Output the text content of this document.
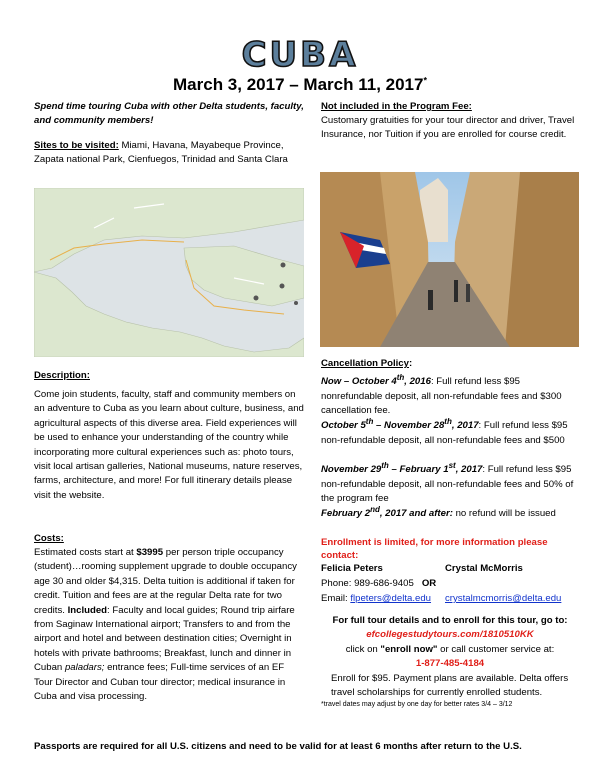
CUBA
March 3, 2017 – March 11, 2017*

Spend time touring Cuba with other Delta students, faculty, and community members!

Sites to be visited: Miami, Havana, Mayabeque Province, Zapata national Park, Cienfuegos, Trinidad and Santa Clara

Description:

Come join students, faculty, staff and community members on an adventure to Cuba as you learn about culture, business, and agricultural aspects of this diverse area. Field experiences will be used to enhance your understanding of the country while incorporating more cultural experiences such as: photo tours, visit local artisan galleries, National museums, nature reserves, farms, architecture, and more! For full itinerary details please visit the website.

Costs:

Estimated costs start at $3995 per person triple occupancy (student)…rooming supplement upgrade to double occupancy age 30 and older $4,315. Delta tuition is additional if taken for credit. Tuition and fees are at the regular Delta rate for two credits. Included: Faculty and local guides; Round trip airfare from Saginaw International airport; Transfers to and from the airport and hotel and between destination cities; Overnight in hotels with private bathrooms; Breakfast, lunch and dinner in Cuban paladars; entrance fees; Full-time services of an EF Tour Director and Cuban tour director; medical insurance in Cuba and visa processing.

Not included in the Program Fee:

Customary gratuities for your tour director and driver, Travel Insurance, nor Tuition if you are enrolled for course credit.

Cancellation Policy:

Now – October 4th, 2016: Full refund less $95 nonrefundable deposit, all non-refundable fees and $300 cancellation fee.

October 5th – November 28th, 2017: Full refund less $95 non-refundable deposit, all non-refundable fees and $500

November 29th – February 1st, 2017: Full refund less $95 non-refundable deposit, all non-refundable fees and 50% of the program fee

February 2nd, 2017 and after: no refund will be issued

Enrollment is limited, for more information please contact:

Felicia Peters	Crystal McMorris
Phone: 989-686-9405 OR
Email: flpeters@delta.edu crystalmcmorris@delta.edu

For full tour details and to enroll for this tour, go to:

efcollegestudytours.com/1810510KK

click on "enroll now" or call customer service at:

1-877-485-4184

Enroll for $95. Payment plans are available. Delta offers travel scholarships for currently enrolled students.

*travel dates may adjust by one day for better rates 3/4 – 3/12

Passports are required for all U.S. citizens and need to be valid for at least 6 months after return to the U.S.
